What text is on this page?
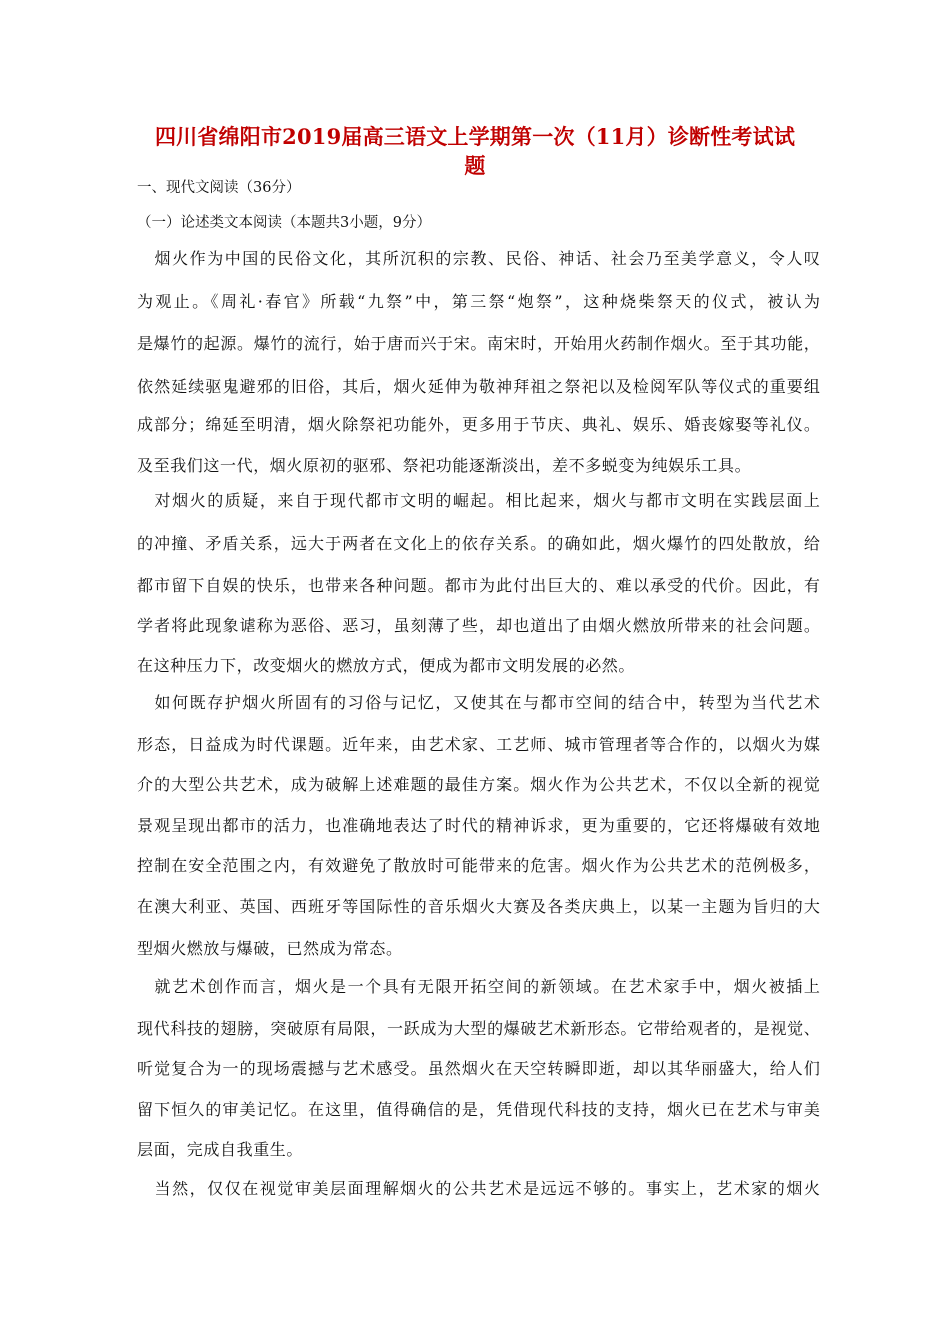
四川省绵阳市2019届高三语文上学期第一次（11月）诊断性考试试
题
一、现代文阅读（36分）
（一）论述类文本阅读（本题共3小题，9分）
　烟火作为中国的民俗文化，其所沉积的宗教、民俗、神话、社会乃至美学意义，令人叹
为观止。《周礼·春官》所载“九祭”中，第三祭“炮祭”，这种烧柴祭天的仪式，被认为
是爆竹的起源。爆竹的流行，始于唐而兴于宋。南宋时，开始用火药制作烟火。至于其功能，
依然延续驱鬼避邪的旧俗，其后，烟火延伸为敬神拜祖之祭祀以及检阅军队等仪式的重要组
成部分；绵延至明清，烟火除祭祀功能外，更多用于节庆、典礼、娱乐、婚丧嫁娶等礼仪。
及至我们这一代，烟火原初的驱邪、祭祀功能逐渐淡出，差不多蜕变为纯娱乐工具。
　对烟火的质疑，来自于现代都市文明的崛起。相比起来，烟火与都市文明在实践层面上
的冲撞、矛盾关系，远大于两者在文化上的依存关系。的确如此，烟火爆竹的四处散放，给
都市留下自娱的快乐，也带来各种问题。都市为此付出巨大的、难以承受的代价。因此，有
学者将此现象谑称为恶俗、恶习，虽刻薄了些，却也道出了由烟火燃放所带来的社会问题。
在这种压力下，改变烟火的燃放方式，便成为都市文明发展的必然。
　如何既存护烟火所固有的习俗与记忆，又使其在与都市空间的结合中，转型为当代艺术
形态，日益成为时代课题。近年来，由艺术家、工艺师、城市管理者等合作的，以烟火为媒
介的大型公共艺术，成为破解上述难题的最佳方案。烟火作为公共艺术，不仅以全新的视觉
景观呈现出都市的活力，也准确地表达了时代的精神诉求，更为重要的，它还将爆破有效地
控制在安全范围之内，有效避免了散放时可能带来的危害。烟火作为公共艺术的范例极多，
在澳大利亚、英国、西班牙等国际性的音乐烟火大赛及各类庆典上，以某一主题为旨归的大
型烟火燃放与爆破，已然成为常态。
　就艺术创作而言，烟火是一个具有无限开拓空间的新领域。在艺术家手中，烟火被插上
现代科技的翅膀，突破原有局限，一跃成为大型的爆破艺术新形态。它带给观者的，是视觉、
听觉复合为一的现场震撼与艺术感受。虽然烟火在天空转瞬即逝，却以其华丽盛大，给人们
留下恒久的审美记忆。在这里，值得确信的是，凭借现代科技的支持，烟火已在艺术与审美
层面，完成自我重生。
　当然，仅仅在视觉审美层面理解烟火的公共艺术是远远不够的。事实上，艺术家的烟火
